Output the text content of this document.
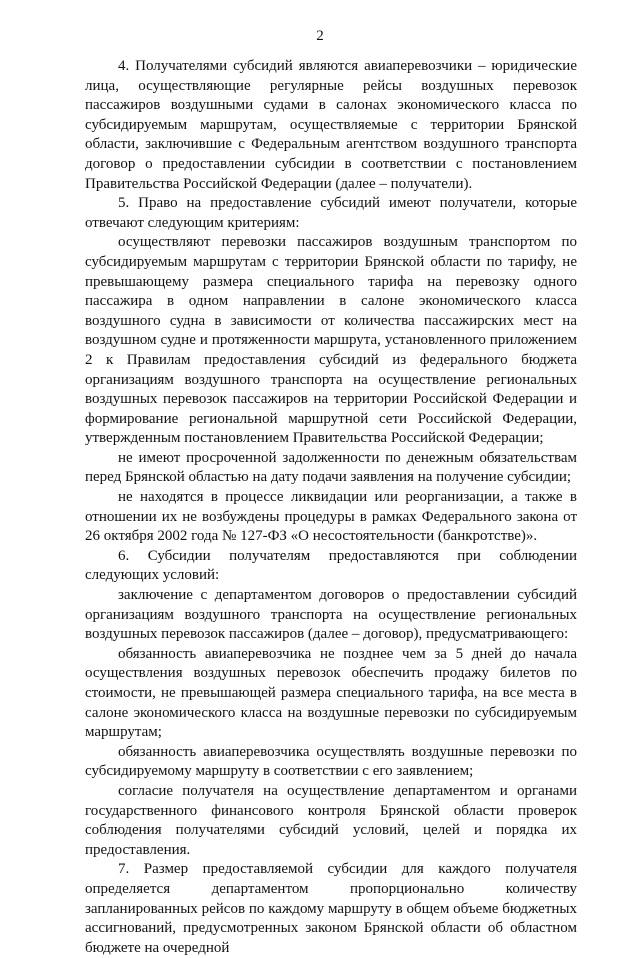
2

4. Получателями субсидий являются авиаперевозчики – юридические лица, осуществляющие регулярные рейсы воздушных перевозок пассажиров воздушными судами в салонах экономического класса по субсидируемым маршрутам, осуществляемые с территории Брянской области, заключившие с Федеральным агентством воздушного транспорта договор о предоставлении субсидии в соответствии с постановлением Правительства Российской Федерации (далее – получатели).

5. Право на предоставление субсидий имеют получатели, которые отвечают следующим критериям:

осуществляют перевозки пассажиров воздушным транспортом по субсидируемым маршрутам с территории Брянской области по тарифу, не превышающему размера специального тарифа на перевозку одного пассажира в одном направлении в салоне экономического класса воздушного судна в зависимости от количества пассажирских мест на воздушном судне и протяженности маршрута, установленного приложением 2 к Правилам предоставления субсидий из федерального бюджета организациям воздушного транспорта на осуществление региональных воздушных перевозок пассажиров на территории Российской Федерации и формирование региональной маршрутной сети Российской Федерации, утвержденным постановлением Правительства Российской Федерации;

не имеют просроченной задолженности по денежным обязательствам перед Брянской областью на дату подачи заявления на получение субсидии;

не находятся в процессе ликвидации или реорганизации, а также в отношении их не возбуждены процедуры в рамках Федерального закона от 26 октября 2002 года № 127-ФЗ «О несостоятельности (банкротстве)».

6. Субсидии получателям предоставляются при соблюдении следующих условий:

заключение с департаментом договоров о предоставлении субсидий организациям воздушного транспорта на осуществление региональных воздушных перевозок пассажиров (далее – договор), предусматривающего:

обязанность авиаперевозчика не позднее чем за 5 дней до начала осуществления воздушных перевозок обеспечить продажу билетов по стоимости, не превышающей размера специального тарифа, на все места в салоне экономического класса на воздушные перевозки по субсидируемым маршрутам;

обязанность авиаперевозчика осуществлять воздушные перевозки по субсидируемому маршруту в соответствии с его заявлением;

согласие получателя на осуществление департаментом и органами государственного финансового контроля Брянской области проверок соблюдения получателями субсидий условий, целей и порядка их предоставления.

7. Размер предоставляемой субсидии для каждого получателя определяется департаментом пропорционально количеству запланированных рейсов по каждому маршруту в общем объеме бюджетных ассигнований, предусмотренных законом Брянской области об областном бюджете на очередной
